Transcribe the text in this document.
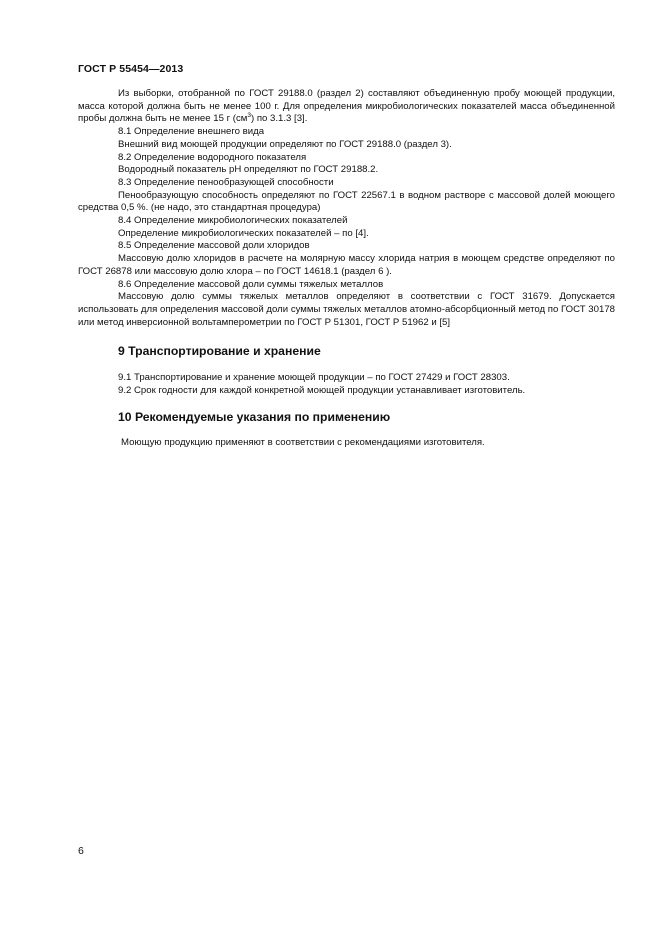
ГОСТ Р 55454—2013

Из выборки, отобранной по ГОСТ 29188.0 (раздел 2) составляют объединенную пробу моющей продукции, масса которой должна быть не менее 100 г. Для определения микробиологических показателей масса объединенной пробы должна быть не менее 15 г $(см^3)$ по 3.1.3 [3].

8.1 Определение внешнего вида

Внешний вид моющей продукции определяют по ГОСТ 29188.0 (раздел 3).

8.2 Определение водородного показателя

Водородный показатель рН определяют по ГОСТ 29188.2.

8.3 Определение пенообразующей способности

Пенообразующую способность определяют по ГОСТ 22567.1 в водном растворе с массовой долей моющего средства 0,5 %. (не надо, это стандартная процедура)

8.4 Определение микробиологических показателей

Определение микробиологических показателей – по [4].

8.5 Определение массовой доли хлоридов

Массовую долю хлоридов в расчете на молярную массу хлорида натрия в моющем средстве определяют по ГОСТ 26878 или массовую долю хлора – по ГОСТ 14618.1 (раздел 6 ).

8.6 Определение массовой доли суммы тяжелых металлов

Массовую долю суммы тяжелых металлов определяют в соответствии с ГОСТ 31679. Допускается использовать для определения массовой доли суммы тяжелых металлов атомно-абсорбционный метод по ГОСТ 30178 или метод инверсионной вольтамперометрии по ГОСТ Р 51301, ГОСТ Р 51962 и [5]

9 Транспортирование и хранение

9.1 Транспортирование и хранение моющей продукции – по ГОСТ 27429 и ГОСТ 28303.

9.2 Срок годности для каждой конкретной моющей продукции устанавливает изготовитель.

10 Рекомендуемые указания по применению

Моющую продукцию применяют в соответствии с рекомендациями изготовителя.

6
